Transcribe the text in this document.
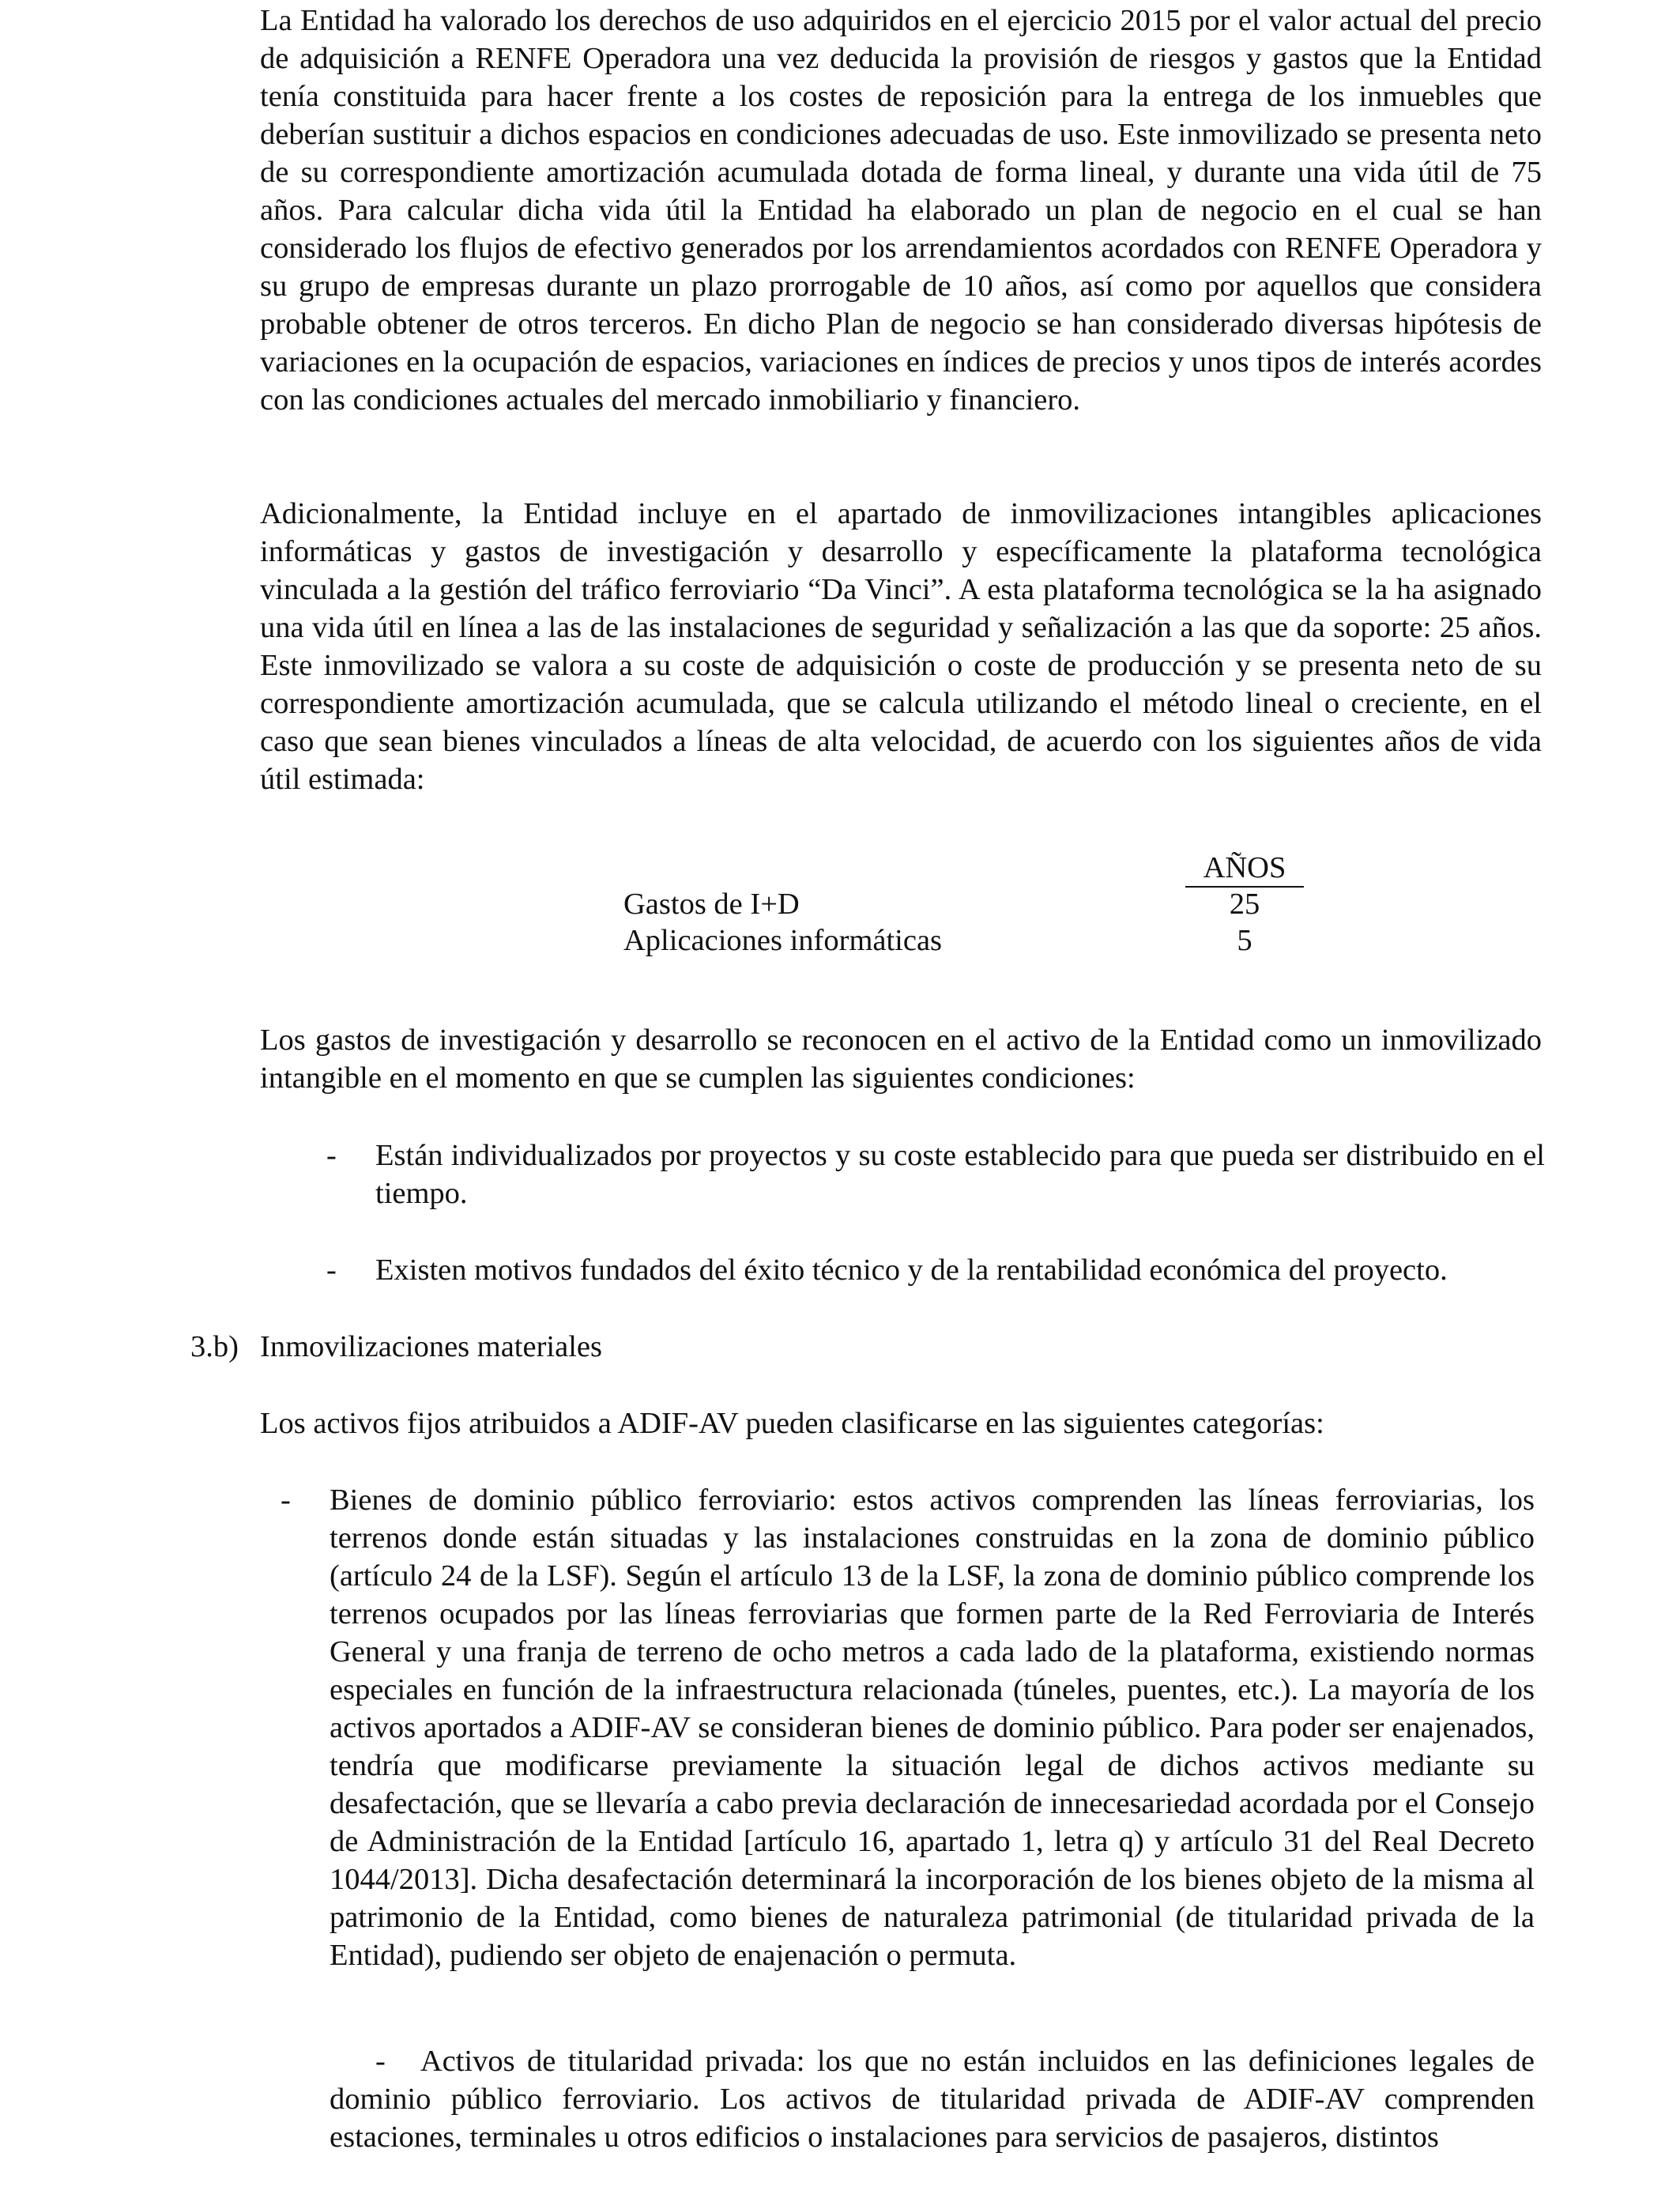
La Entidad ha valorado los derechos de uso adquiridos en el ejercicio 2015 por el valor actual del precio de adquisición a RENFE Operadora una vez deducida la provisión de riesgos y gastos que la Entidad tenía constituida para hacer frente a los costes de reposición para la entrega de los inmuebles que deberían sustituir a dichos espacios en condiciones adecuadas de uso. Este inmovilizado se presenta neto de su correspondiente amortización acumulada dotada de forma lineal, y durante una vida útil de 75 años. Para calcular dicha vida útil la Entidad ha elaborado un plan de negocio en el cual se han considerado los flujos de efectivo generados por los arrendamientos acordados con RENFE Operadora y su grupo de empresas durante un plazo prorrogable de 10 años, así como por aquellos que considera probable obtener de otros terceros. En dicho Plan de negocio se han considerado diversas hipótesis de variaciones en la ocupación de espacios, variaciones en índices de precios y unos tipos de interés acordes con las condiciones actuales del mercado inmobiliario y financiero.

Adicionalmente, la Entidad incluye en el apartado de inmovilizaciones intangibles aplicaciones informáticas y gastos de investigación y desarrollo y específicamente la plataforma tecnológica vinculada a la gestión del tráfico ferroviario “Da Vinci”. A esta plataforma tecnológica se la ha asignado una vida útil en línea a las de las instalaciones de seguridad y señalización a las que da soporte: 25 años. Este inmovilizado se valora a su coste de adquisición o coste de producción y se presenta neto de su correspondiente amortización acumulada, que se calcula utilizando el método lineal o creciente, en el caso que sean bienes vinculados a líneas de alta velocidad, de acuerdo con los siguientes años de vida útil estimada:

AÑOS
Gastos de I+D	25
Aplicaciones informáticas	5

Los gastos de investigación y desarrollo se reconocen en el activo de la Entidad como un inmovilizado intangible en el momento en que se cumplen las siguientes condiciones:

- Están individualizados por proyectos y su coste establecido para que pueda ser distribuido en el tiempo.

- Existen motivos fundados del éxito técnico y de la rentabilidad económica del proyecto.

3.b) Inmovilizaciones materiales

Los activos fijos atribuidos a ADIF-AV pueden clasificarse en las siguientes categorías:

- Bienes de dominio público ferroviario: estos activos comprenden las líneas ferroviarias, los terrenos donde están situadas y las instalaciones construidas en la zona de dominio público (artículo 24 de la LSF). Según el artículo 13 de la LSF, la zona de dominio público comprende los terrenos ocupados por las líneas ferroviarias que formen parte de la Red Ferroviaria de Interés General y una franja de terreno de ocho metros a cada lado de la plataforma, existiendo normas especiales en función de la infraestructura relacionada (túneles, puentes, etc.). La mayoría de los activos aportados a ADIF-AV se consideran bienes de dominio público. Para poder ser enajenados, tendría que modificarse previamente la situación legal de dichos activos mediante su desafectación, que se llevaría a cabo previa declaración de innecesariedad acordada por el Consejo de Administración de la Entidad [artículo 16, apartado 1, letra q) y artículo 31 del Real Decreto 1044/2013]. Dicha desafectación determinará la incorporación de los bienes objeto de la misma al patrimonio de la Entidad, como bienes de naturaleza patrimonial (de titularidad privada de la Entidad), pudiendo ser objeto de enajenación o permuta.

- Activos de titularidad privada: los que no están incluidos en las definiciones legales de dominio público ferroviario. Los activos de titularidad privada de ADIF-AV comprenden estaciones, terminales u otros edificios o instalaciones para servicios de pasajeros, distintos
